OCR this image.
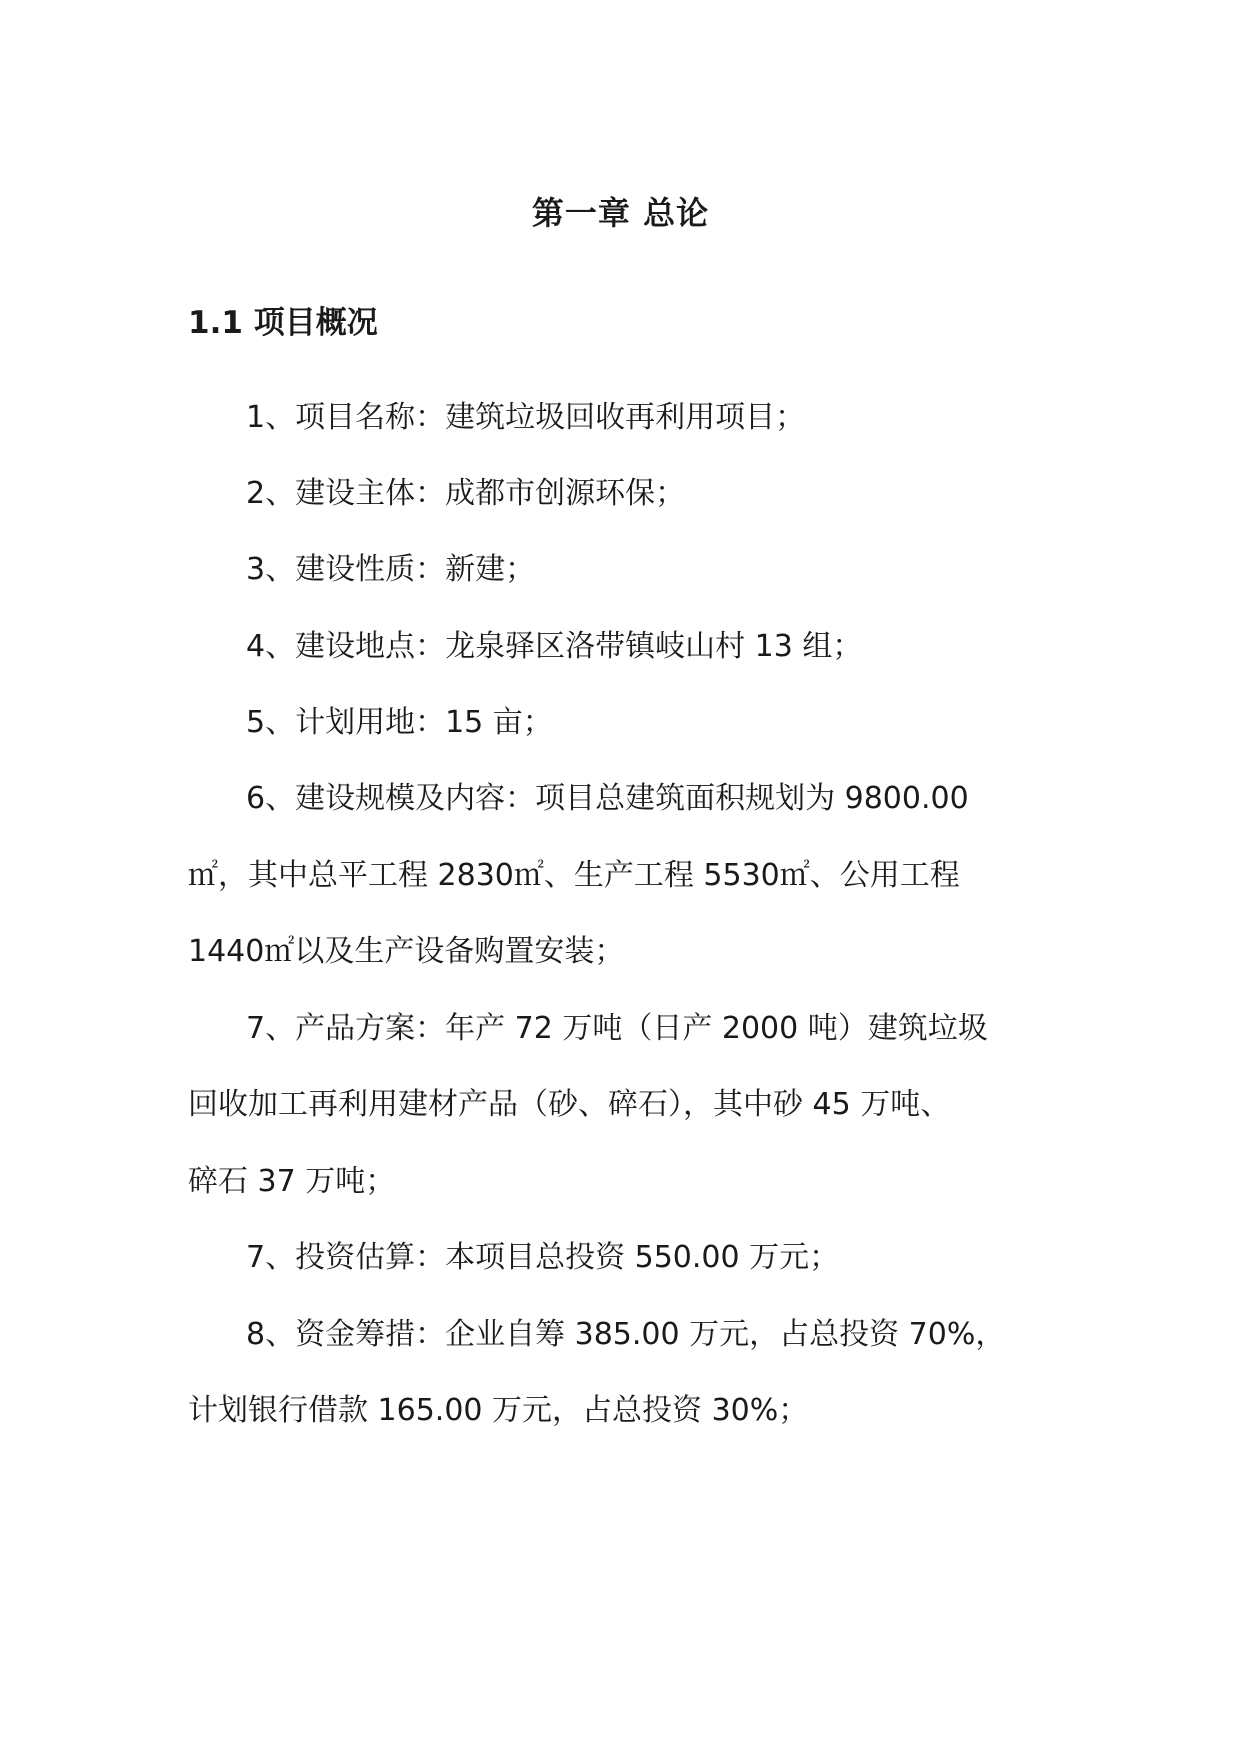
第一章 总论
1.1 项目概况
1、项目名称：建筑垃圾回收再利用项目；
2、建设主体：成都市创源环保；
3、建设性质：新建；
4、建设地点：龙泉驿区洛带镇岐山村 13 组；
5、计划用地：15 亩；
6、建设规模及内容：项目总建筑面积规划为 9800.00
㎡，其中总平工程 2830㎡、生产工程 5530㎡、公用工程
1440㎡以及生产设备购置安装；
7、产品方案：年产 72 万吨（日产 2000 吨）建筑垃圾
回收加工再利用建材产品（砂、碎石），其中砂 45 万吨、
碎石 37 万吨；
7、投资估算：本项目总投资 550.00 万元；
8、资金筹措：企业自筹 385.00 万元，占总投资 70%，
计划银行借款 165.00 万元，占总投资 30%；
